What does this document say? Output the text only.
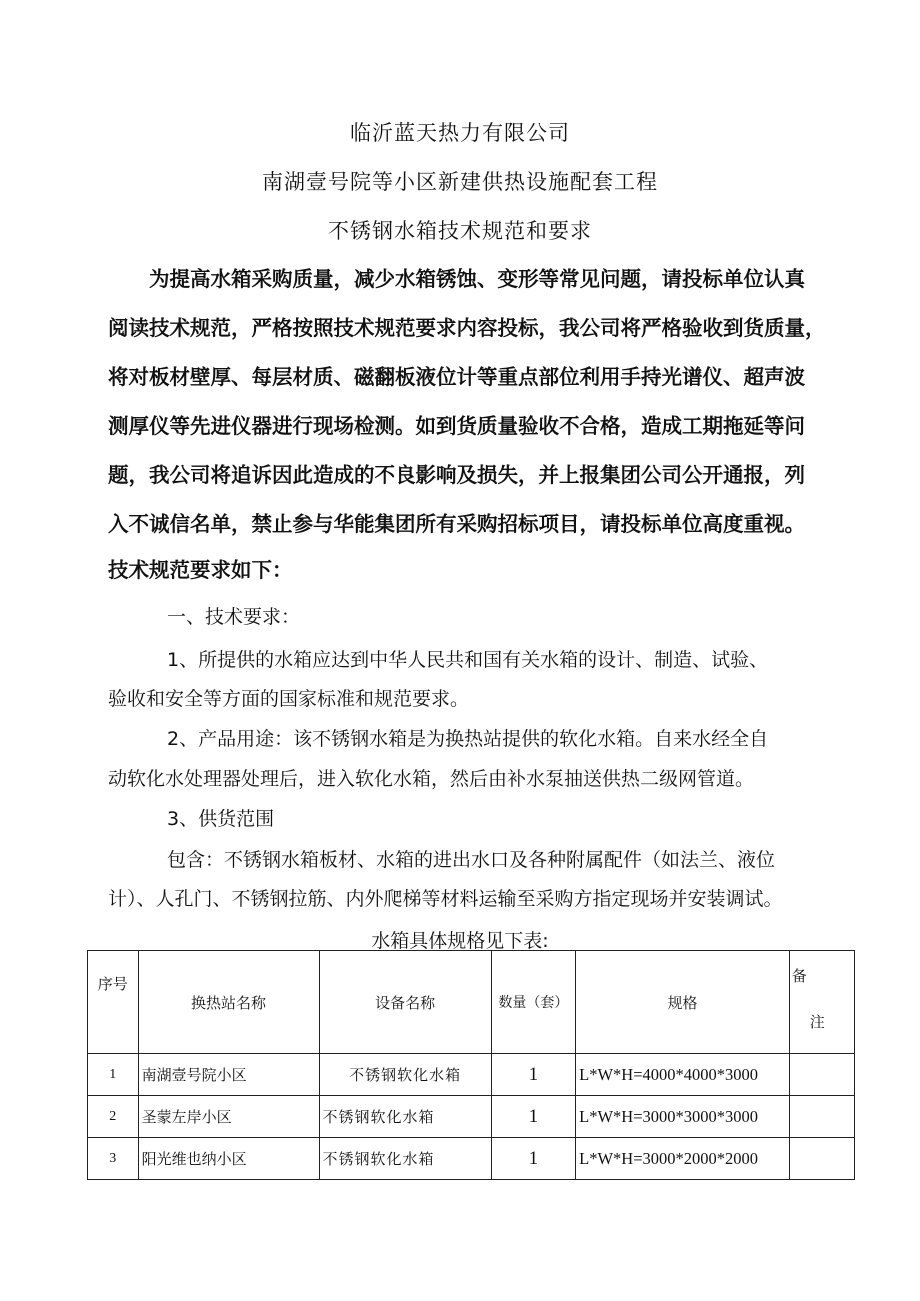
临沂蓝天热力有限公司
南湖壹号院等小区新建供热设施配套工程
不锈钢水箱技术规范和要求

　　为提高水箱采购质量，减少水箱锈蚀、变形等常见问题，请投标单位认真

阅读技术规范，严格按照技术规范要求内容投标，我公司将严格验收到货质量，

将对板材壁厚、每层材质、磁翻板液位计等重点部位利用手持光谱仪、超声波

测厚仪等先进仪器进行现场检测。如到货质量验收不合格，造成工期拖延等问

题，我公司将追诉因此造成的不良影响及损失，并上报集团公司公开通报，列

入不诚信名单，禁止参与华能集团所有采购招标项目，请投标单位高度重视。

技术规范要求如下：

一、技术要求：

1、所提供的水箱应达到中华人民共和国有关水箱的设计、制造、试验、

验收和安全等方面的国家标准和规范要求。

2、产品用途：该不锈钢水箱是为换热站提供的软化水箱。自来水经全自

动软化水处理器处理后，进入软化水箱，然后由补水泵抽送供热二级网管道。

3、供货范围

包含：不锈钢水箱板材、水箱的进出水口及各种附属配件（如法兰、液位

计）、人孔门、不锈钢拉筋、内外爬梯等材料运输至采购方指定现场并安装调试。

水箱具体规格见下表:

序号	换热站名称	设备名称	数量（套）	规格	备
注

1	南湖壹号院小区	不锈钢软化水箱	1	L*W*H=4000*4000*3000	
2	圣蒙左岸小区	不锈钢软化水箱	1	L*W*H=3000*3000*3000	
3	阳光维也纳小区	不锈钢软化水箱	1	L*W*H=3000*2000*2000	
